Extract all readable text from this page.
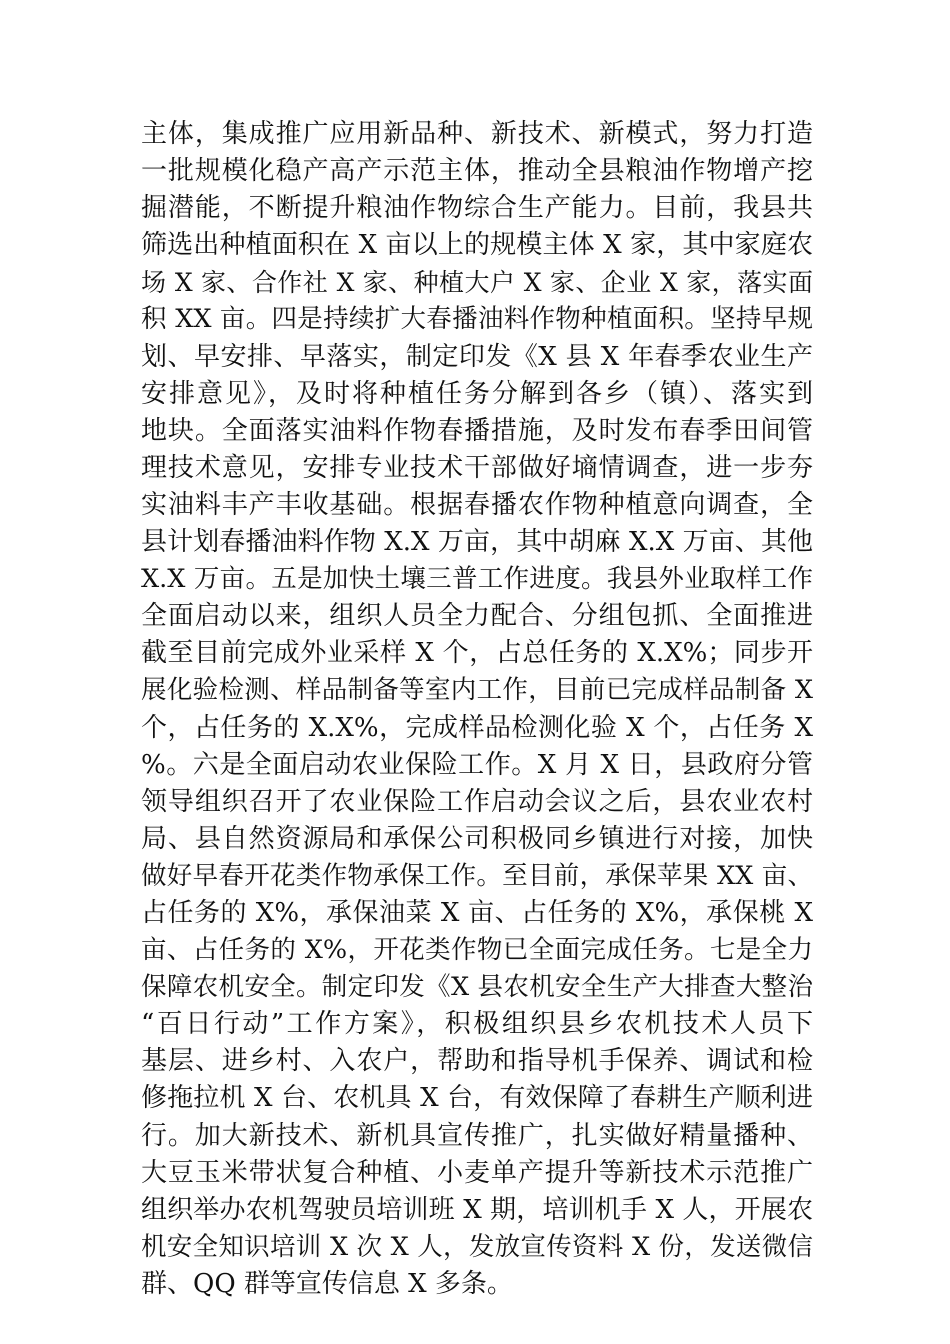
主体，集成推广应用新品种、新技术、新模式，努力打造
一批规模化稳产高产示范主体，推动全县粮油作物增产挖
掘潜能，不断提升粮油作物综合生产能力。目前，我县共
筛选出种植面积在 X 亩以上的规模主体 X 家，其中家庭农
场 X 家、合作社 X 家、种植大户 X 家、企业 X 家，落实面
积 XX 亩。四是持续扩大春播油料作物种植面积。坚持早规
划、早安排、早落实，制定印发《X 县 X 年春季农业生产
安排意见》，及时将种植任务分解到各乡（镇）、落实到
地块。全面落实油料作物春播措施，及时发布春季田间管
理技术意见，安排专业技术干部做好墒情调查，进一步夯
实油料丰产丰收基础。根据春播农作物种植意向调查，全
县计划春播油料作物 X.X 万亩，其中胡麻 X.X 万亩、其他
X.X 万亩。五是加快土壤三普工作进度。我县外业取样工作
全面启动以来，组织人员全力配合、分组包抓、全面推进
截至目前完成外业采样 X 个，占总任务的 X.X%；同步开
展化验检测、样品制备等室内工作，目前已完成样品制备 X
个，占任务的 X.X%，完成样品检测化验 X 个，占任务 X
%。六是全面启动农业保险工作。X 月 X 日，县政府分管
领导组织召开了农业保险工作启动会议之后，县农业农村
局、县自然资源局和承保公司积极同乡镇进行对接，加快
做好早春开花类作物承保工作。至目前，承保苹果 XX 亩、
占任务的 X%，承保油菜 X 亩、占任务的 X%，承保桃 X
亩、占任务的 X%，开花类作物已全面完成任务。七是全力
保障农机安全。制定印发《X 县农机安全生产大排查大整治
“百日行动”工作方案》，积极组织县乡农机技术人员下
基层、进乡村、入农户，帮助和指导机手保养、调试和检
修拖拉机 X 台、农机具 X 台，有效保障了春耕生产顺利进
行。加大新技术、新机具宣传推广，扎实做好精量播种、
大豆玉米带状复合种植、小麦单产提升等新技术示范推广
组织举办农机驾驶员培训班 X 期，培训机手 X 人，开展农
机安全知识培训 X 次 X 人，发放宣传资料 X 份，发送微信
群、QQ 群等宣传信息 X 多条。
